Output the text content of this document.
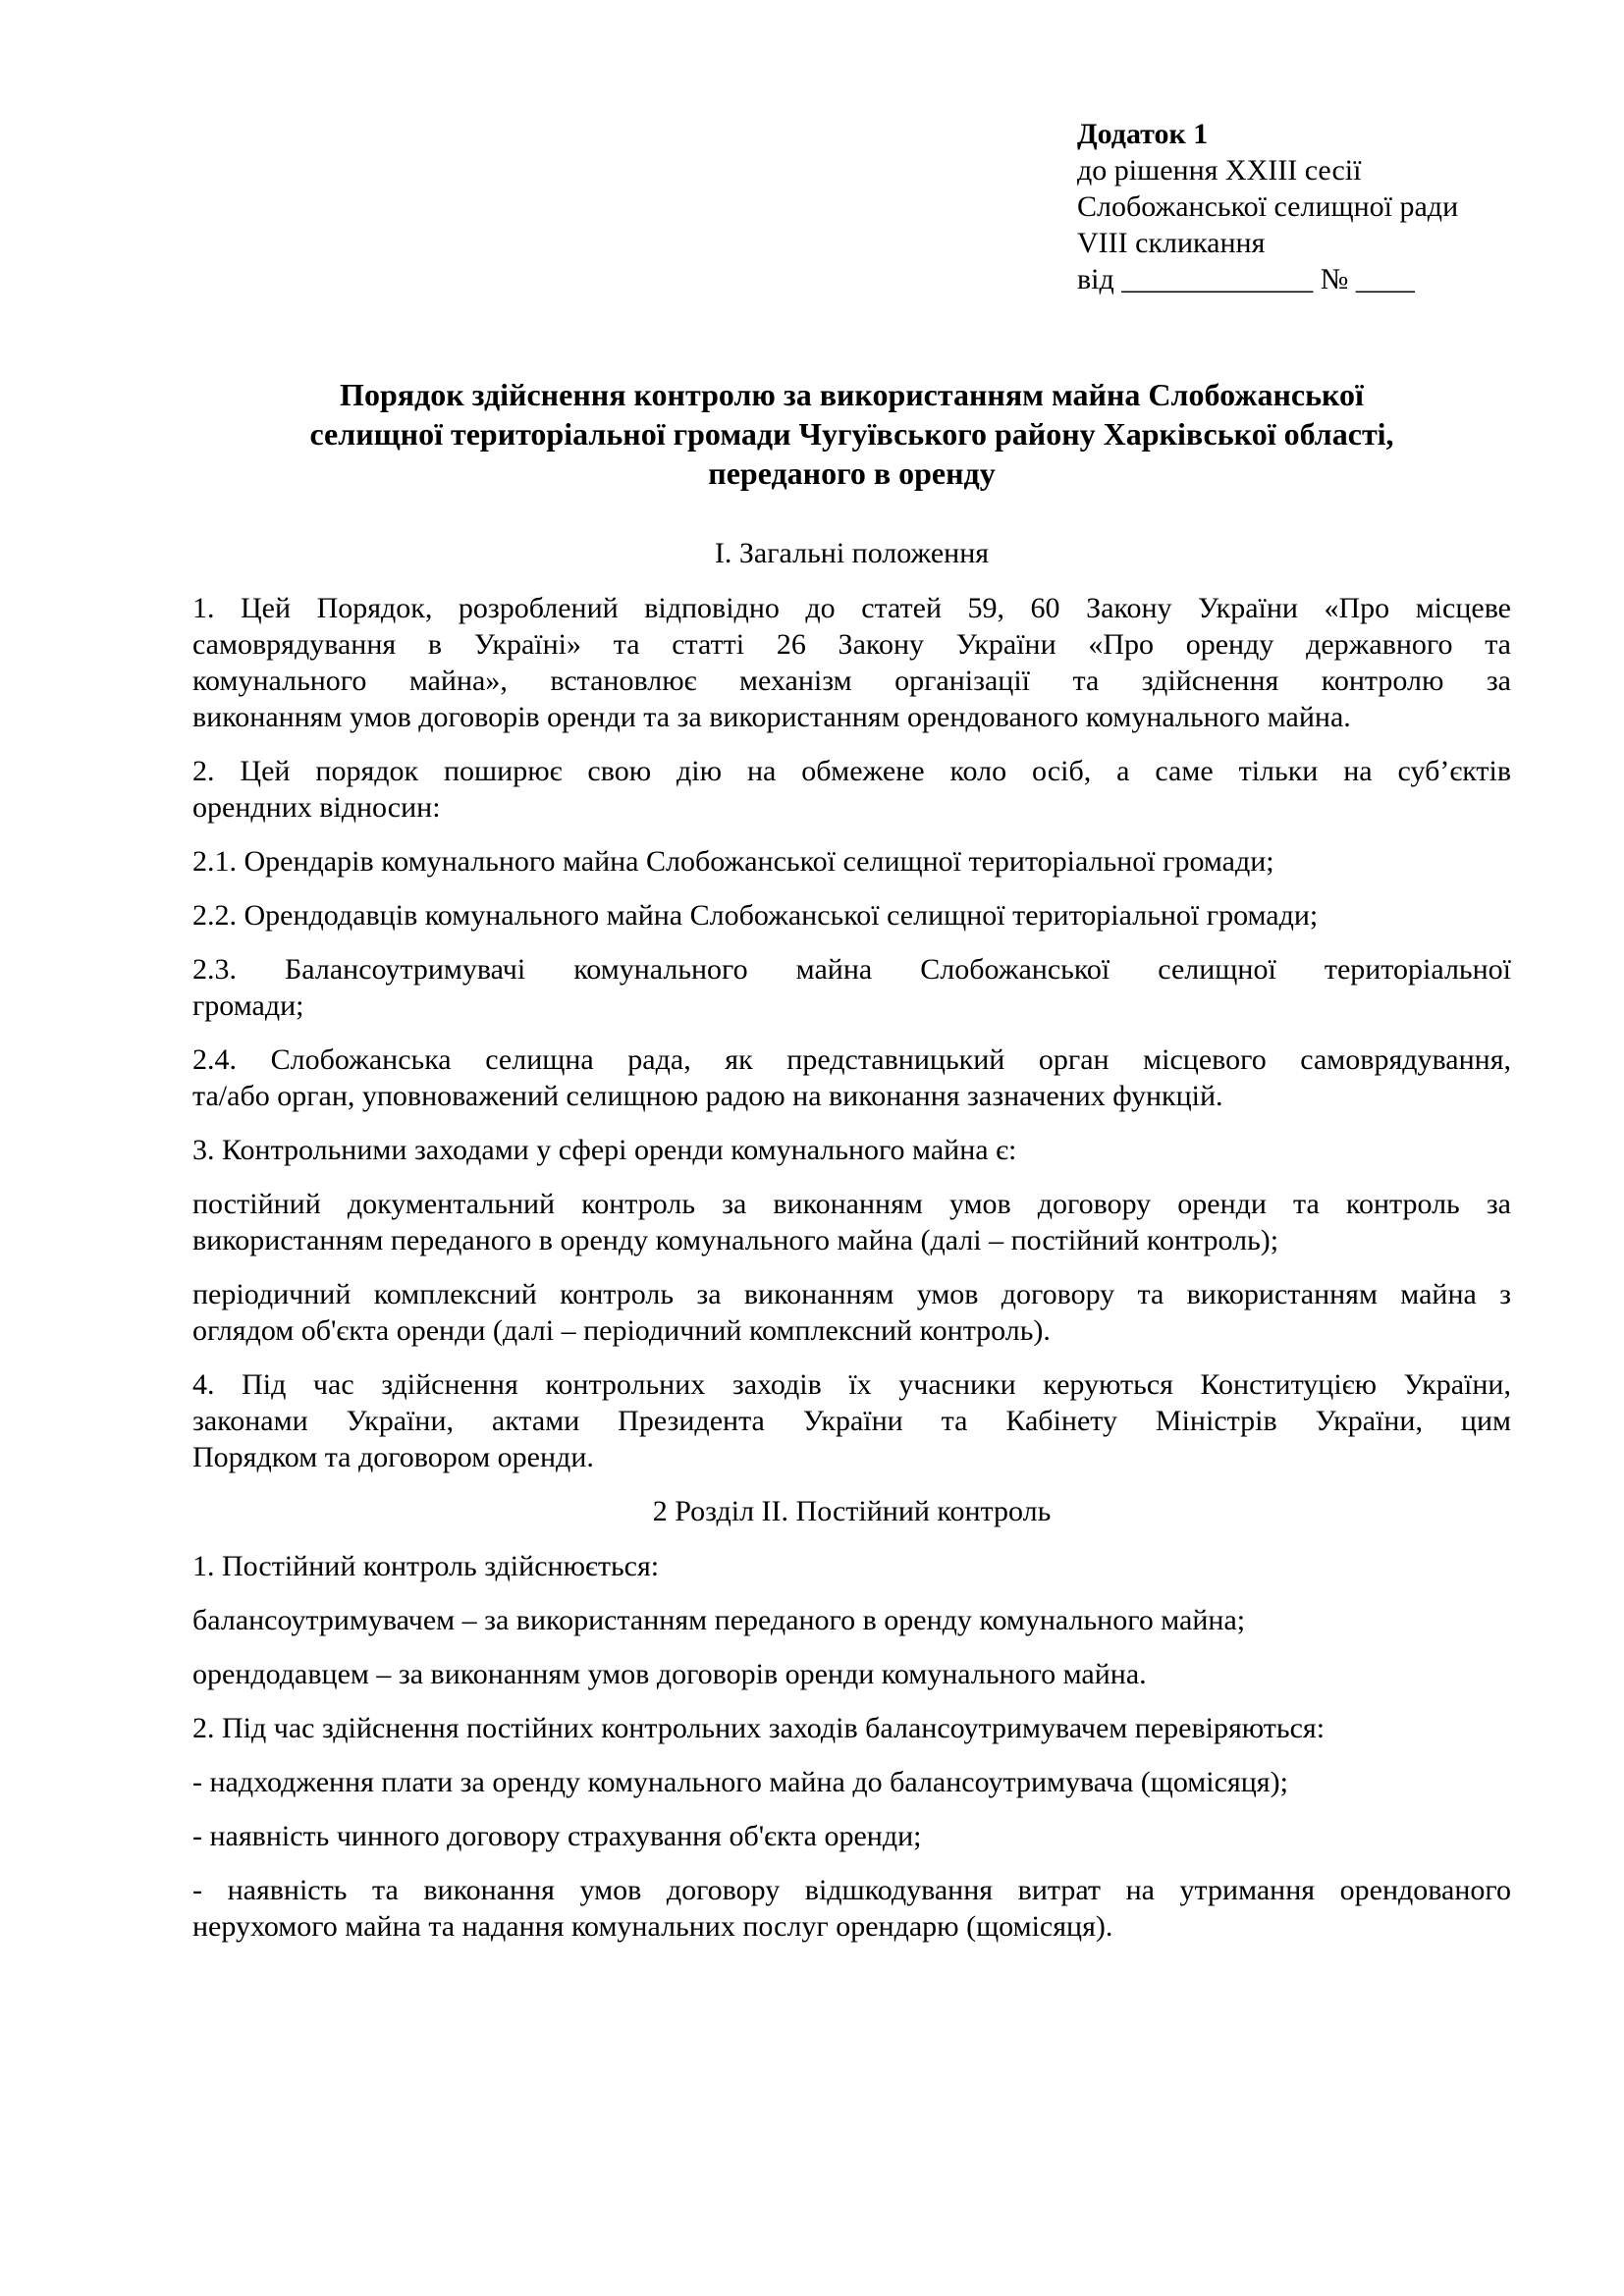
Додаток 1
до рішення XXIII сесії
Слобожанської селищної ради
VIII скликання
від _____________ № ____
Порядок здійснення контролю за використанням майна Слобожанської
селищної територіальної громади Чугуївського району Харківської області,
переданого в оренду
І. Загальні положення
1. Цей Порядок, розроблений відповідно до статей 59, 60 Закону України «Про місцеве
самоврядування в Україні» та статті 26 Закону України «Про оренду державного та
комунального майна», встановлює механізм організації та здійснення контролю за
виконанням умов договорів оренди та за використанням орендованого комунального майна.
2. Цей порядок поширює свою дію на обмежене коло осіб, а саме тільки на суб’єктів
орендних відносин:
2.1. Орендарів комунального майна Слобожанської селищної територіальної громади;
2.2. Орендодавців комунального майна Слобожанської селищної територіальної громади;
2.3. Балансоутримувачі комунального майна Слобожанської селищної територіальної
громади;
2.4. Слобожанська селищна рада, як представницький орган місцевого самоврядування,
та/або орган, уповноважений селищною радою на виконання зазначених функцій.
3. Контрольними заходами у сфері оренди комунального майна є:
постійний документальний контроль за виконанням умов договору оренди та контроль за
використанням переданого в оренду комунального майна (далі – постійний контроль);
періодичний комплексний контроль за виконанням умов договору та використанням майна з
оглядом об'єкта оренди (далі – періодичний комплексний контроль).
4. Під час здійснення контрольних заходів їх учасники керуються Конституцією України,
законами України, актами Президента України та Кабінету Міністрів України, цим
Порядком та договором оренди.
2 Розділ ІІ. Постійний контроль
1. Постійний контроль здійснюється:
балансоутримувачем – за використанням переданого в оренду комунального майна;
орендодавцем – за виконанням умов договорів оренди комунального майна.
2. Під час здійснення постійних контрольних заходів балансоутримувачем перевіряються:
- надходження плати за оренду комунального майна до балансоутримувача (щомісяця);
- наявність чинного договору страхування об'єкта оренди;
- наявність та виконання умов договору відшкодування витрат на утримання орендованого
нерухомого майна та надання комунальних послуг орендарю (щомісяця).
